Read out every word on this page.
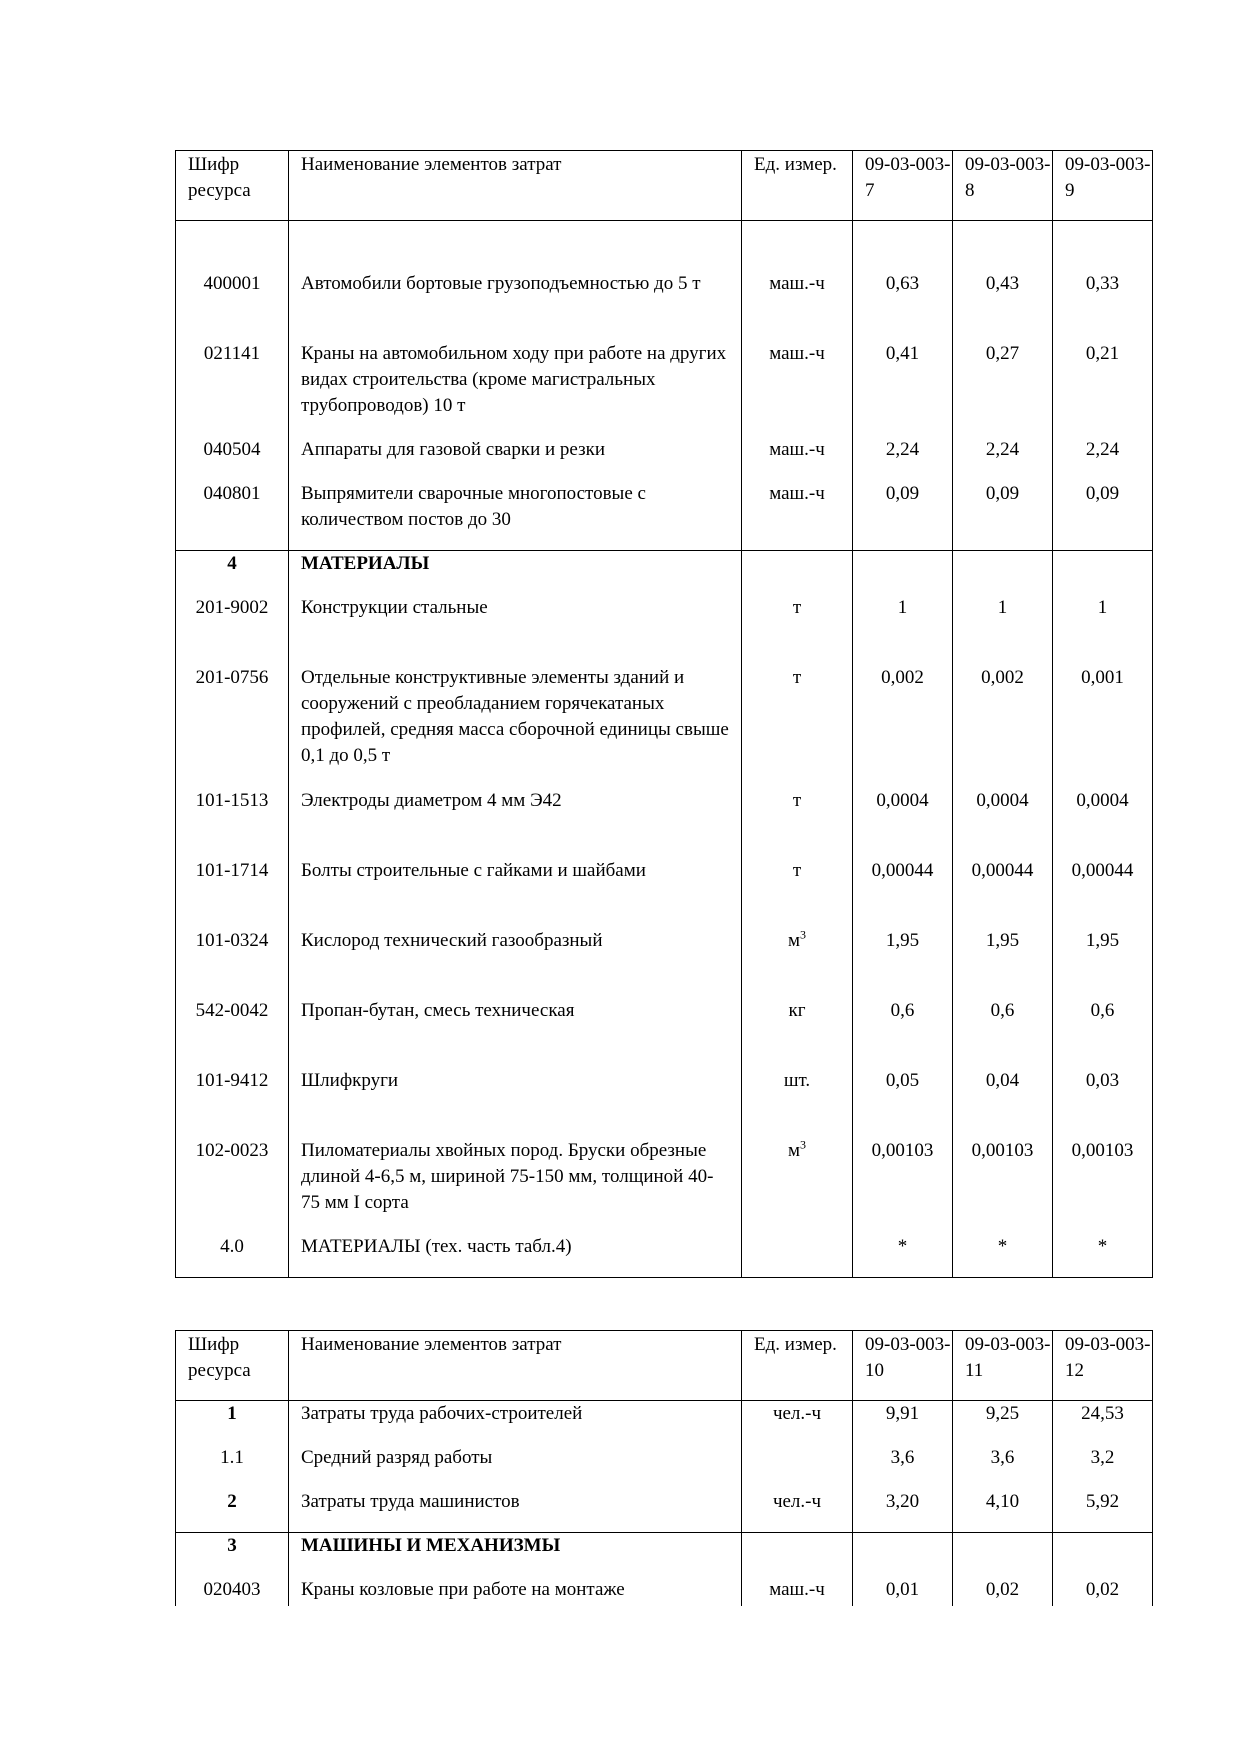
Шифр ресурса	Наименование элементов затрат	Ед. измер.	09-03-003-7	09-03-003-8	09-03-003-9

400001	Автомобили бортовые грузоподъемностью до 5 т	маш.-ч	0,63	0,43	0,33
021141	Краны на автомобильном ходу при работе на других видах строительства (кроме магистральных трубопроводов) 10 т	маш.-ч	0,41	0,27	0,21
040504	Аппараты для газовой сварки и резки	маш.-ч	2,24	2,24	2,24
040801	Выпрямители сварочные многопостовые с количеством постов до 30	маш.-ч	0,09	0,09	0,09
4	МАТЕРИАЛЫ				
201-9002	Конструкции стальные	т	1	1	1
201-0756	Отдельные конструктивные элементы зданий и сооружений с преобладанием горячекатаных профилей, средняя масса сборочной единицы свыше 0,1 до 0,5 т	т	0,002	0,002	0,001
101-1513	Электроды диаметром 4 мм Э42	т	0,0004	0,0004	0,0004
101-1714	Болты строительные с гайками и шайбами	т	0,00044	0,00044	0,00044
101-0324	Кислород технический газообразный	$м^3$	1,95	1,95	1,95
542-0042	Пропан-бутан, смесь техническая	кг	0,6	0,6	0,6
101-9412	Шлифкруги	шт.	0,05	0,04	0,03
102-0023	Пиломатериалы хвойных пород. Бруски обрезные длиной 4-6,5 м, шириной 75-150 мм, толщиной 40-75 мм I сорта	$м^3$	0,00103	0,00103	0,00103
4.0	МАТЕРИАЛЫ (тех. часть табл.4)		*	*	*
Шифр ресурса	Наименование элементов затрат	Ед. измер.	09-03-003-10	09-03-003-11	09-03-003-12

1	Затраты труда рабочих-строителей	чел.-ч	9,91	9,25	24,53
1.1	Средний разряд работы		3,6	3,6	3,2
2	Затраты труда машинистов	чел.-ч	3,20	4,10	5,92
3	МАШИНЫ И МЕХАНИЗМЫ				
020403	Краны козловые при работе на монтаже	маш.-ч	0,01	0,02	0,02
